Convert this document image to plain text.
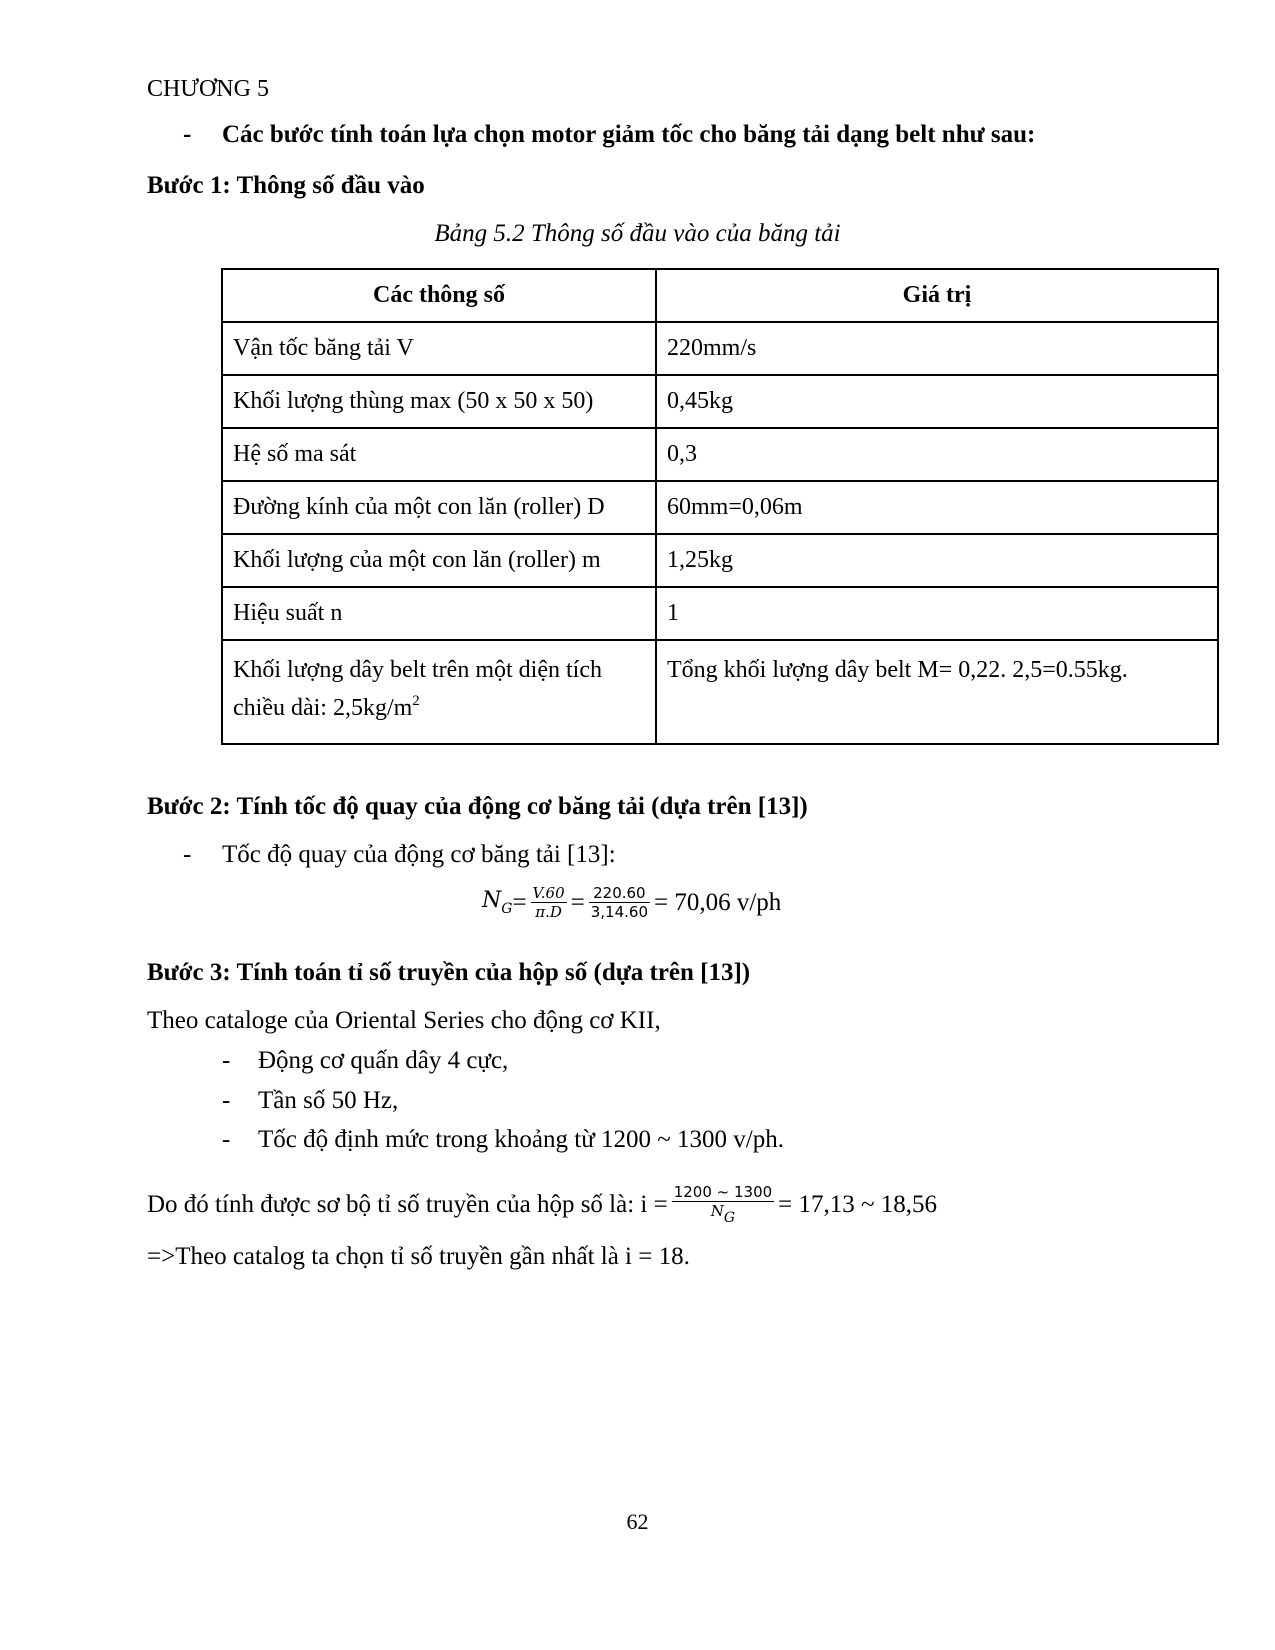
CHƯƠNG 5
- Các bước tính toán lựa chọn motor giảm tốc cho băng tải dạng belt như sau:
Bước 1: Thông số đầu vào
Bảng 5.2 Thông số đầu vào của băng tải
Các thông số	Giá trị
Vận tốc băng tải V	220mm/s
Khối lượng thùng max (50 x 50 x 50)	0,45kg
Hệ số ma sát	0,3
Đường kính của một con lăn (roller) D	60mm=0,06m
Khối lượng của một con lăn (roller) m	1,25kg
Hiệu suất n	1
Khối lượng dây belt trên một diện tích
chiều dài: $2,5kg/m^2$	Tổng khối lượng dây belt M= 0,22. 2,5=0.55kg.
Bước 2: Tính tốc độ quay của động cơ băng tải (dựa trên [13])
- Tốc độ quay của động cơ băng tải [13]:
$N_G = \frac{V.60}{\pi.D} = \frac{220.60}{3,14.60} = 70,06$ v/ph
Bước 3: Tính toán tỉ số truyền của hộp số (dựa trên [13])
Theo cataloge của Oriental Series cho động cơ KII,
- Động cơ quấn dây 4 cực,
- Tần số 50 Hz,
- Tốc độ định mức trong khoảng từ 1200 ~ 1300 v/ph.
Do đó tính được sơ bộ tỉ số truyền của hộp số là: $i = \frac{1200 \sim 1300}{NG} = 17,13$ ~ 18,56
=>Theo catalog ta chọn tỉ số truyền gần nhất là i = 18.
62
